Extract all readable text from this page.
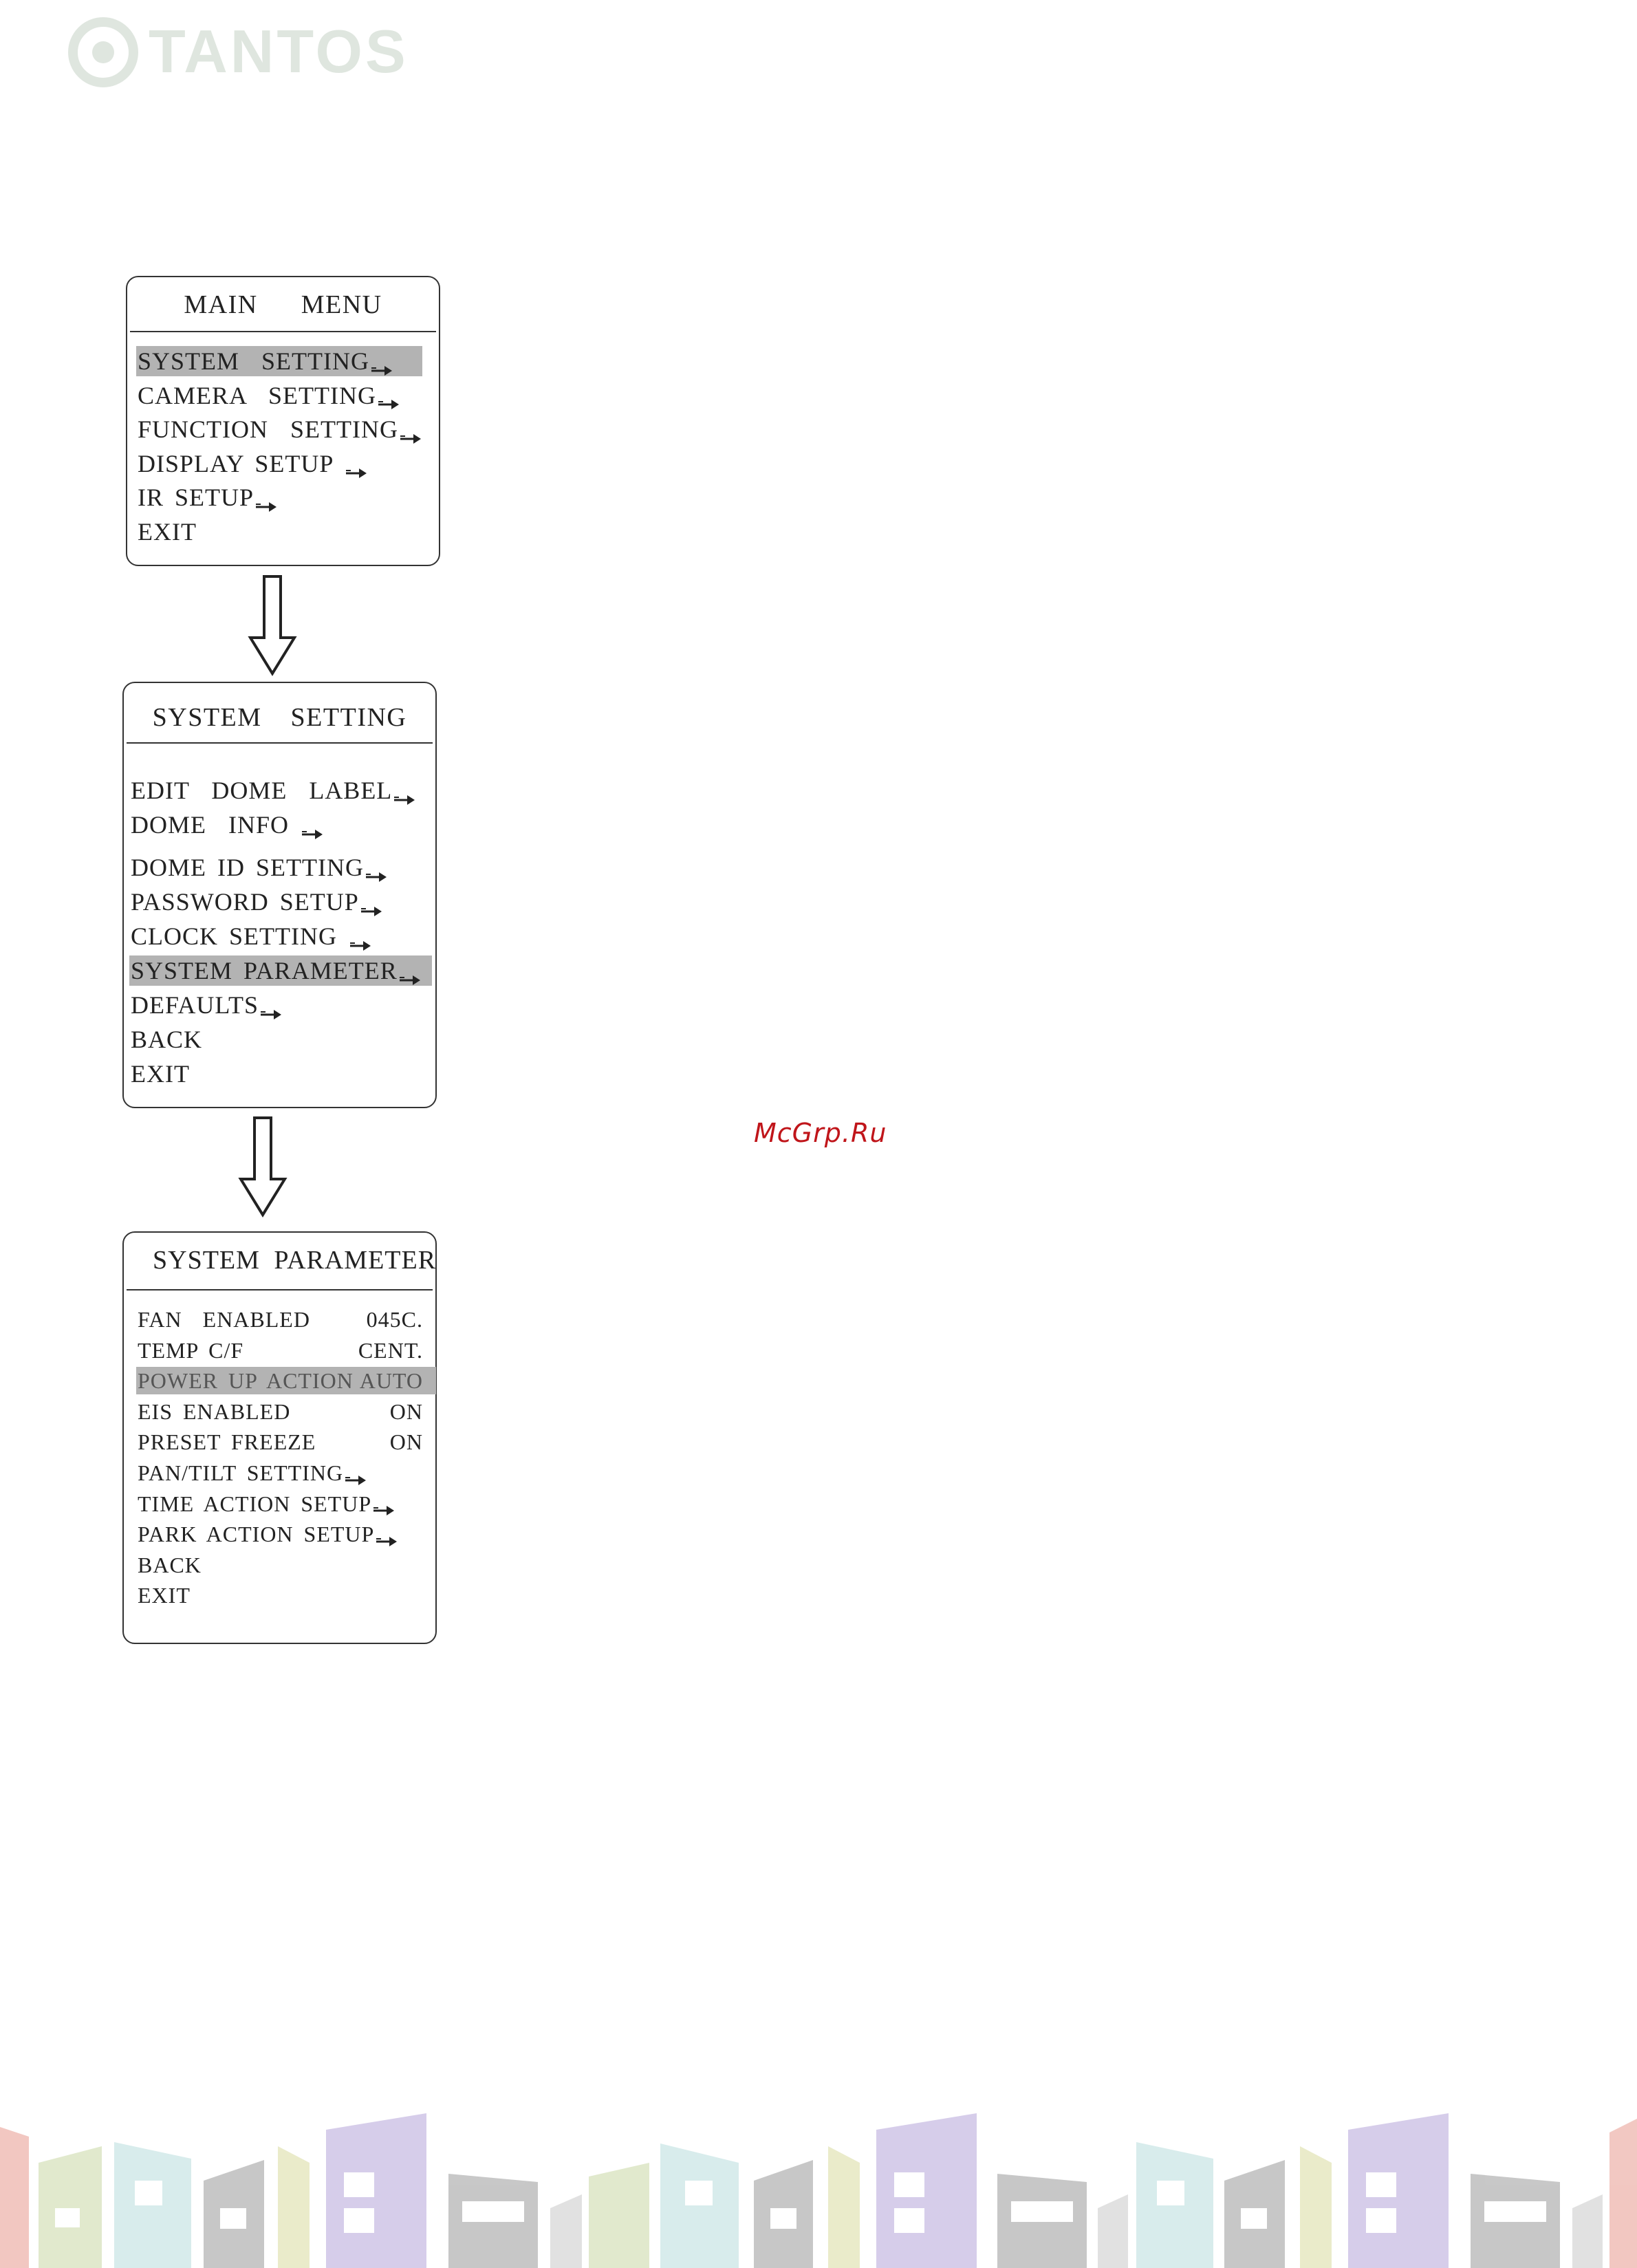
TANTOS
MAIN   MENU
SYSTEM  SETTING
CAMERA  SETTING
FUNCTION  SETTING
DISPLAY SETUP
IR SETUP
EXIT
SYSTEM  SETTING
EDIT  DOME  LABEL
DOME  INFO
DOME ID SETTING
PASSWORD SETUP
CLOCK SETTING
SYSTEM PARAMETER
DEFAULTS
BACK
EXIT
SYSTEM PARAMETER
FAN  ENABLED	045C.
TEMP C/F	CENT.
POWER UP ACTION AUTO
EIS ENABLED	ON
PRESET FREEZE	ON
PAN/TILT SETTING
TIME ACTION SETUP
PARK ACTION SETUP
BACK
EXIT
McGrp.Ru
